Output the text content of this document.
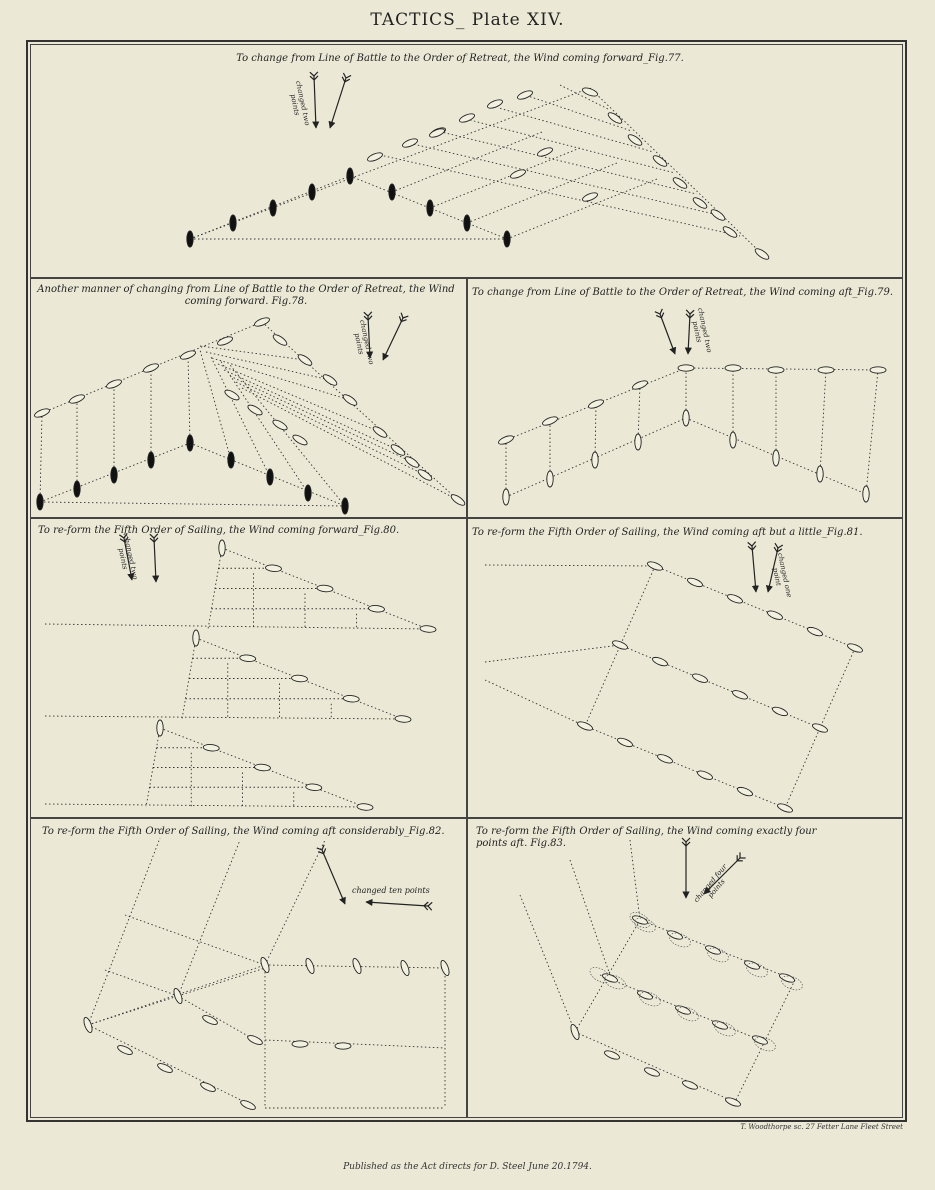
TACTICS_ Plate XIV.
To change from Line of Battle to the Order of Retreat, the Wind coming forward_Fig.77.
Another manner of changing from Line of Battle to the Order of Retreat, the Wind coming forward. Fig.78.
To change from Line of Battle to the Order of Retreat, the Wind coming aft_Fig.79.
To re-form the Fifth Order of Sailing, the Wind coming forward_Fig.80.	To re-form the Fifth Order of Sailing, the Wind coming aft but a little_Fig.81.
To re-form the Fifth Order of Sailing, the Wind coming aft considerably_Fig.82.	To re-form the Fifth Order of Sailing, the Wind coming exactly four points aft. Fig.83.
changed two
points
changed two
points	changed two
points
changed two
points	changed one
point
changed ten points	changed four
points
T. Woodthorpe sc. 27 Fetter Lane Fleet Street
Published as the Act directs for D. Steel June 20.1794.
